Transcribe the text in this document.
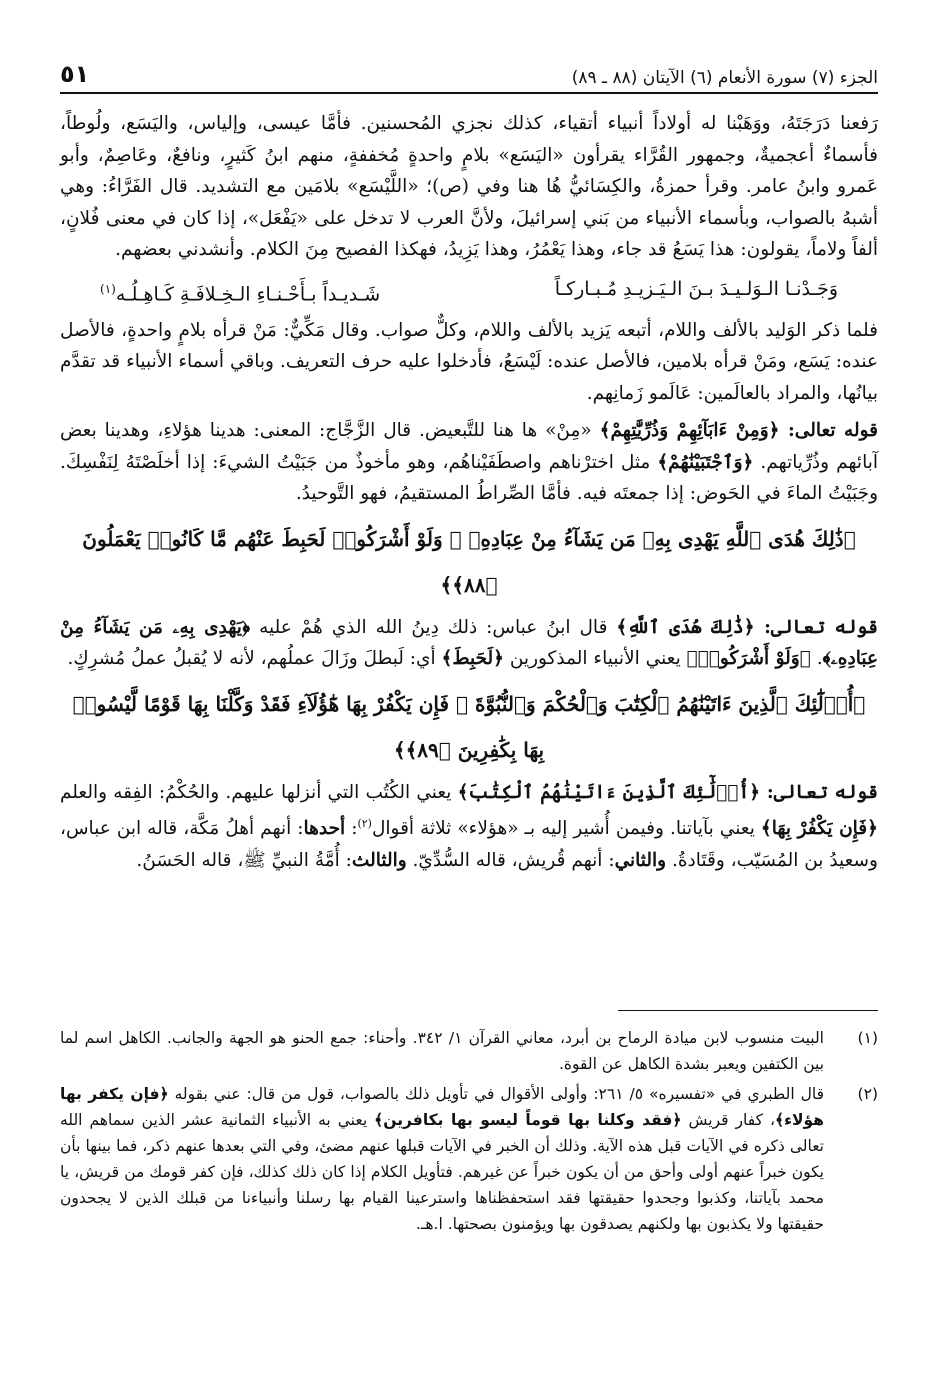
الجزء (٧) سورة الأنعام (٦) الآيتان (٨٨ ـ ٨٩)
٥١

رَفعنا دَرَجَتَهُ، ووَهَبْنا له أولاداً أنبياء أتقياء، كذلك نجزي المُحسنين. فأمَّا عيسى، وإلياس، واليَسَع، ولُوطاً، فأسماءٌ أعجميةٌ، وجمهور القُرَّاء يقرأون «اليَسَع» بلامٍ واحدةٍ مُخففةٍ، منهم ابنُ كَثيرٍ، ونافعٌ، وعَاصِمٌ، وأبو عَمرو وابنُ عامر. وقرأ حمزةُ، والكِسَائيُّ هُا هنا وفي (ص)؛ «اللَّيْسَع» بلامَين مع التشديد. قال الفَرَّاءُ: وهي أشبهُ بالصواب، وبأسماء الأنبياء من بَني إسرائيلَ، ولأنَّ العرب لا تدخل على «يَفْعَل»، إذا كان في معنى فُلانٍ، ألفاً ولاماً، يقولون: هذا يَسَعُ قد جاء، وهذا يَعْمُرُ، وهذا يَزِيدُ، فهكذا الفصيح مِنَ الكلام. وأنشدني بعضهم.

وَجَـدْنـا الـوَلـيـدَ بـنَ الـيَـزيـدِ مُـبـاركـاً
شَـديـداً بـأَحْـنـاءِ الـخِـلافَـةِ كَـاهِـلُـه$^{(١)}$

فلما ذكر الوَليد بالألف واللام، أتبعه يَزيد بالألف واللام، وكلٌّ صواب. وقال مَكِّيٌّ: مَنْ قرأه بلامٍ واحدةٍ، فالأصل عنده: يَسَع، ومَنْ قرأه بلامين، فالأصل عنده: لَيْسَعُ، فأدخلوا عليه حرف التعريف. وباقي أسماء الأنبياء قد تقدَّم بيانُها، والمراد بالعالَمين: عَالَمو زَمانِهم.

قوله تعالى: ﴿وَمِنْ ءَابَآئِهِمْ وَذُرِّيَّٰتِهِمْ﴾ «مِنْ» ها هنا للتَّبعيض. قال الزَّجَّاج: المعنى: هدينا هؤلاءِ، وهدينا بعض آبائهم وذُرِّياتهم. ﴿وَٱجْتَبَيْنَٰهُمْ﴾ مثل اخترْناهم واصطَفَيْناهُم، وهو مأخوذٌ من جَبَيْتُ الشيءَ: إذا أخلَصْتَهُ لِنَفْسِكَ. وجَبَيْتُ الماءَ في الحَوض: إذا جمعتَه فيه. فأمَّا الصِّراطُ المستقيمُ، فهو التَّوحيدُ.

﴿ذَٰلِكَ هُدَى ٱللَّهِ يَهْدِى بِهِۦ مَن يَشَآءُ مِنْ عِبَادِهِۦ ۚ وَلَوْ أَشْرَكُوا۟ لَحَبِطَ عَنْهُم مَّا كَانُوا۟ يَعْمَلُونَ ﴿٨٨﴾﴾

قوله تعالى: ﴿ذَٰلِكَ هُدَى ٱللَّهِ﴾ قال ابنُ عباس: ذلك دِينُ الله الذي هُمْ عليه ﴿يَهْدِى بِهِۦ مَن يَشَآءُ مِنْ عِبَادِهِۦ﴾. ﴿وَلَوْ أَشْرَكُوا۟﴾ يعني الأنبياء المذكورين ﴿لَحَبِطَ﴾ أي: لَبطلَ وزَالَ عملُهم، لأنه لا يُقبلُ عملُ مُشرِكٍ.

﴿أُو۟لَٰٓئِكَ ٱلَّذِينَ ءَاتَيْنَٰهُمُ ٱلْكِتَٰبَ وَٱلْحُكْمَ وَٱلنُّبُوَّةَ ۚ فَإِن يَكْفُرْ بِهَا هَٰٓؤُلَآءِ فَقَدْ وَكَّلْنَا بِهَا قَوْمًا لَّيْسُوا۟ بِهَا بِكَٰفِرِينَ ﴿٨٩﴾﴾

قوله تعالى: ﴿أُو۟لَٰٓئِكَ ٱلَّذِينَ ءَاتَيْنَٰهُمُ ٱلْكِتَٰبَ﴾ يعني الكُتُب التي أنزلها عليهم. والحُكْمُ: الفِقه والعلم ﴿فَإِن يَكْفُرْ بِهَا﴾ يعني بآياتنا. وفيمن أُشير إليه بـ «هؤلاء» ثلاثة أقوال$^{(٢)}$: أحدها: أنهم أهلُ مَكَّة، قاله ابن عباس، وسعيدُ بن المُسَيّب، وقَتَادةُ. والثاني: أنهم قُريش، قاله السُّدِّيّ. والثالث: أُمَّةُ النبيِّ ﷺ، قاله الحَسَنُ.

(١)
البيت منسوب لابن ميادة الرماح بن أبرد، معاني القرآن ١/ ٣٤٢. وأحناء: جمع الحنو هو الجهة والجانب. الكاهل اسم لما بين الكتفين ويعبر بشدة الكاهل عن القوة.
(٢)
قال الطبري في «تفسيره» ٥/ ٢٦١: وأولى الأقوال في تأويل ذلك بالصواب، قول من قال: عني بقوله ﴿فإن يكفر بها هؤلاء﴾، كفار قريش ﴿فقد وكلنا بها قوماً ليسو بها بكافرين﴾ يعني به الأنبياء الثمانية عشر الذين سماهم الله تعالى ذكره في الآيات قبل هذه الآية. وذلك أن الخبر في الآيات قبلها عنهم مضئ، وفي التي بعدها عنهم ذكر، فما بينها بأن يكون خبراً عنهم أولى وأحق من أن يكون خبراً عن غيرهم. فتأويل الكلام إذا كان ذلك كذلك، فإن كفر قومك من قريش، يا محمد بآياتنا، وكذبوا وجحدوا حقيقتها فقد استحفظناها واسترعينا القيام بها رسلنا وأنبياءنا من قبلك الذين لا يجحدون حقيقتها ولا يكذبون بها ولكنهم يصدقون بها ويؤمنون بصحتها. ا.هـ.
